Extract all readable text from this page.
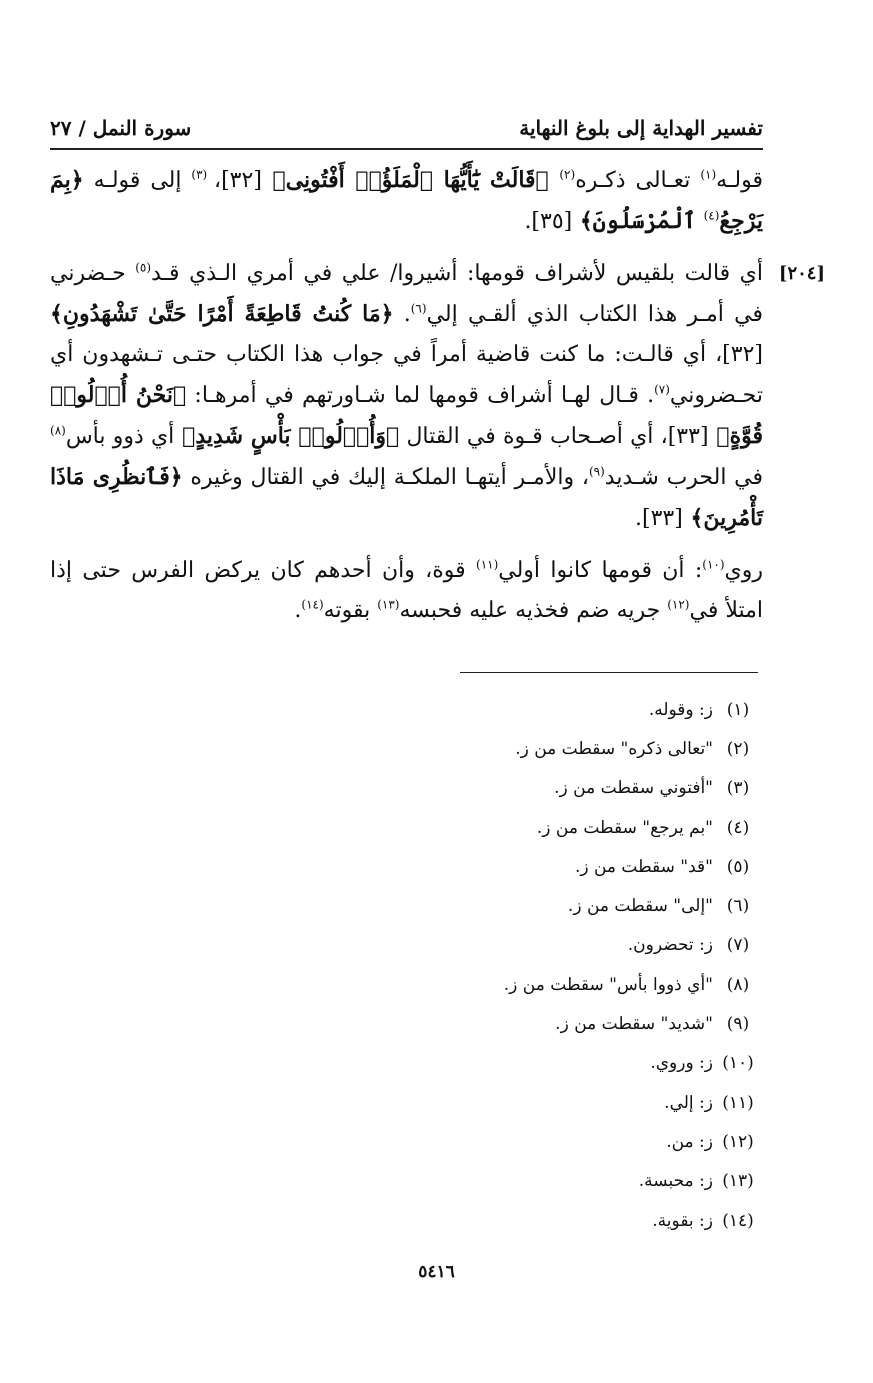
تفسير الهداية إلى بلوغ النهاية
سورة النمل / ٢٧

قولـه$^{(١)}$ تعـالى ذكـره$^{(٢)}$ ﴿قَالَتْ يَٰٓأَيُّهَا ٱلْمَلَؤُا۟ أَفْتُونِى﴾ [٣٢]، $^{(٣)}$ إلى قولـه ﴿بِمَ يَرْجِعُ$^{(٤)}$ ٱلْمُرْسَلُونَ﴾ [٣٥].

[٢٠٤]
أي قالت بلقيس لأشراف قومها: أشيروا/ علي في أمري الـذي قـد$^{(٥)}$ حـضرني في أمـر هذا الكتاب الذي ألقـي إلي$^{(٦)}$. ﴿مَا كُنتُ قَاطِعَةً أَمْرًا حَتَّىٰ تَشْهَدُونِ﴾ [٣٢]، أي قالـت: ما كنت قاضية أمراً في جواب هذا الكتاب حتـى تـشهدون أي تحـضروني$^{(٧)}$. قـال لهـا أشراف قومها لما شـاورتهم في أمرهـا: ﴿نَحْنُ أُو۟لُوا۟ قُوَّةٍ﴾ [٣٣]، أي أصـحاب قـوة في القتال ﴿وَأُو۟لُوا۟ بَأْسٍ شَدِيدٍ﴾ أي ذوو بأس$^{(٨)}$ في الحرب شـديد$^{(٩)}$، والأمـر أيتهـا الملكـة إليك في القتال وغيره ﴿فَٱنظُرِى مَاذَا تَأْمُرِينَ﴾ [٣٣].

روي$^{(١٠)}$: أن قومها كانوا أولي$^{(١١)}$ قوة، وأن أحدهم كان يركض الفرس حتى إذا امتلأ في$^{(١٢)}$ جريه ضم فخذيه عليه فحبسه$^{(١٣)}$ بقوته$^{(١٤)}$.

(١)
ز: وقوله.
(٢)
"تعالى ذكره" سقطت من ز.
(٣)
"أفتوني سقطت من ز.
(٤)
"بم يرجع" سقطت من ز.
(٥)
"قد" سقطت من ز.
(٦)
"إلى" سقطت من ز.
(٧)
ز: تحضرون.
(٨)
"أي ذووا بأس" سقطت من ز.
(٩)
"شديد" سقطت من ز.
(١٠)
ز: وروي.
(١١)
ز: إلي.
(١٢)
ز: من.
(١٣)
ز: محبسة.
(١٤)
ز: بقوية.
٥٤١٦
